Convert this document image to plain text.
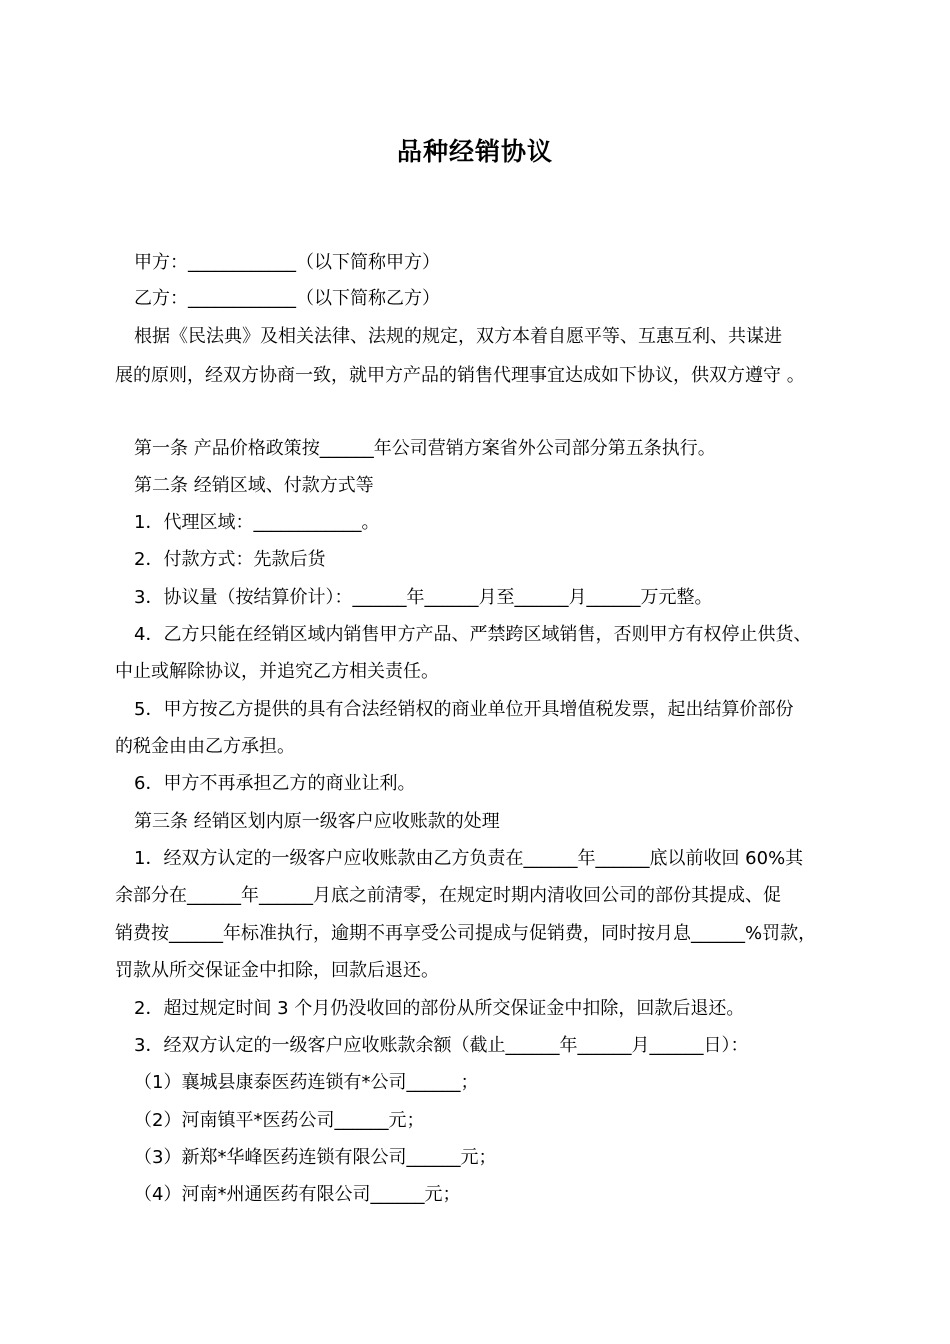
品种经销协议
甲方：____________（以下简称甲方）
乙方：____________（以下简称乙方）
根据《民法典》及相关法律、法规的规定，双方本着自愿平等、互惠互利、共谋进
展的原则，经双方协商一致，就甲方产品的销售代理事宜达成如下协议，供双方遵守 。
第一条 产品价格政策按______年公司营销方案省外公司部分第五条执行。
第二条 经销区域、付款方式等
1．代理区域：____________。
2．付款方式：先款后货
3．协议量（按结算价计）：______年______月至______月______万元整。
4．乙方只能在经销区域内销售甲方产品、严禁跨区域销售，否则甲方有权停止供货、
中止或解除协议，并追究乙方相关责任。
5．甲方按乙方提供的具有合法经销权的商业单位开具增值税发票，起出结算价部份
的税金由由乙方承担。
6．甲方不再承担乙方的商业让利。
第三条 经销区划内原一级客户应收账款的处理
1．经双方认定的一级客户应收账款由乙方负责在______年______底以前收回 60%其
余部分在______年______月底之前清零，在规定时期内清收回公司的部份其提成、促
销费按______年标准执行，逾期不再享受公司提成与促销费，同时按月息______%罚款，
罚款从所交保证金中扣除，回款后退还。
2．超过规定时间 3 个月仍没收回的部份从所交保证金中扣除，回款后退还。
3．经双方认定的一级客户应收账款余额（截止______年______月______日）：
（1）襄城县康泰医药连锁有*公司______；
（2）河南镇平*医药公司______元；
（3）新郑*华峰医药连锁有限公司______元；
（4）河南*州通医药有限公司______元；
